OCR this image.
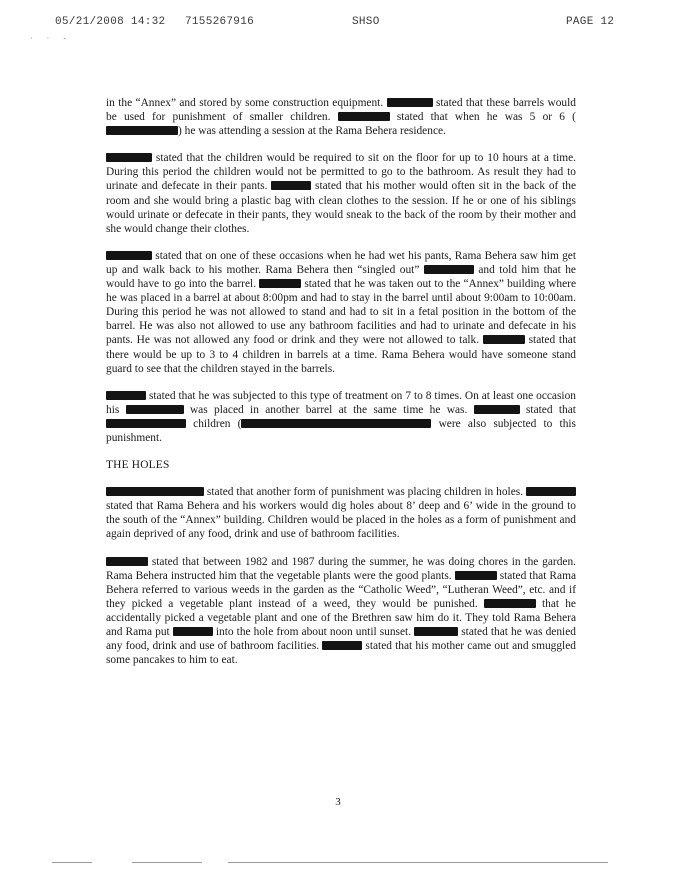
05/21/2008 14:32 7155267916	SHSO	PAGE 12
· · -

in the “Annex” and stored by some construction equipment.	stated that these barrels would be used for punishment of smaller children.	stated that when he was 5 or 6 () he was attending a session at the Rama Behera residence.

stated that the children would be required to sit on the floor for up to 10 hours at a time. During this period the children would not be permitted to go to the bathroom. As result they had to urinate and defecate in their pants.	stated that his mother would often sit in the back of the room and she would bring a plastic bag with clean clothes to the session. If he or one of his siblings would urinate or defecate in their pants, they would sneak to the back of the room by their mother and she would change their clothes.

stated that on one of these occasions when he had wet his pants, Rama Behera saw him get up and walk back to his mother. Rama Behera then “singled out”	and told him that he would have to go into the barrel.	stated that he was taken out to the “Annex” building where he was placed in a barrel at about 8:00pm and had to stay in the barrel until about 9:00am to 10:00am. During this period he was not allowed to stand and had to sit in a fetal position in the bottom of the barrel. He was also not allowed to use any bathroom facilities and had to urinate and defecate in his pants. He was not allowed any food or drink and they were not allowed to talk.	stated that there would be up to 3 to 4 children in barrels at a time. Rama Behera would have someone stand guard to see that the children stayed in the barrels.

stated that he was subjected to this type of treatment on 7 to 8 times. On at least one occasion his	was placed in another barrel at the same time he was.	stated that  children (	were also subjected to this punishment.

THE HOLES

stated that another form of punishment was placing children in holes.  stated that Rama Behera and his workers would dig holes about 8’ deep and 6’ wide in the ground to the south of the “Annex” building. Children would be placed in the holes as a form of punishment and again deprived of any food, drink and use of bathroom facilities.

stated that between 1982 and 1987 during the summer, he was doing chores in the garden. Rama Behera instructed him that the vegetable plants were the good plants.	stated that Rama Behera referred to various weeds in the garden as the “Catholic Weed”, “Lutheran Weed”, etc. and if they picked a vegetable plant instead of a weed, they would be punished.	that he accidentally picked a vegetable plant and one of the Brethren saw him do it. They told Rama Behera and Rama put	into the hole from about noon until sunset.	stated that he was denied any food, drink and use of bathroom facilities.	stated that his mother came out and smuggled some pancakes to him to eat.

3
